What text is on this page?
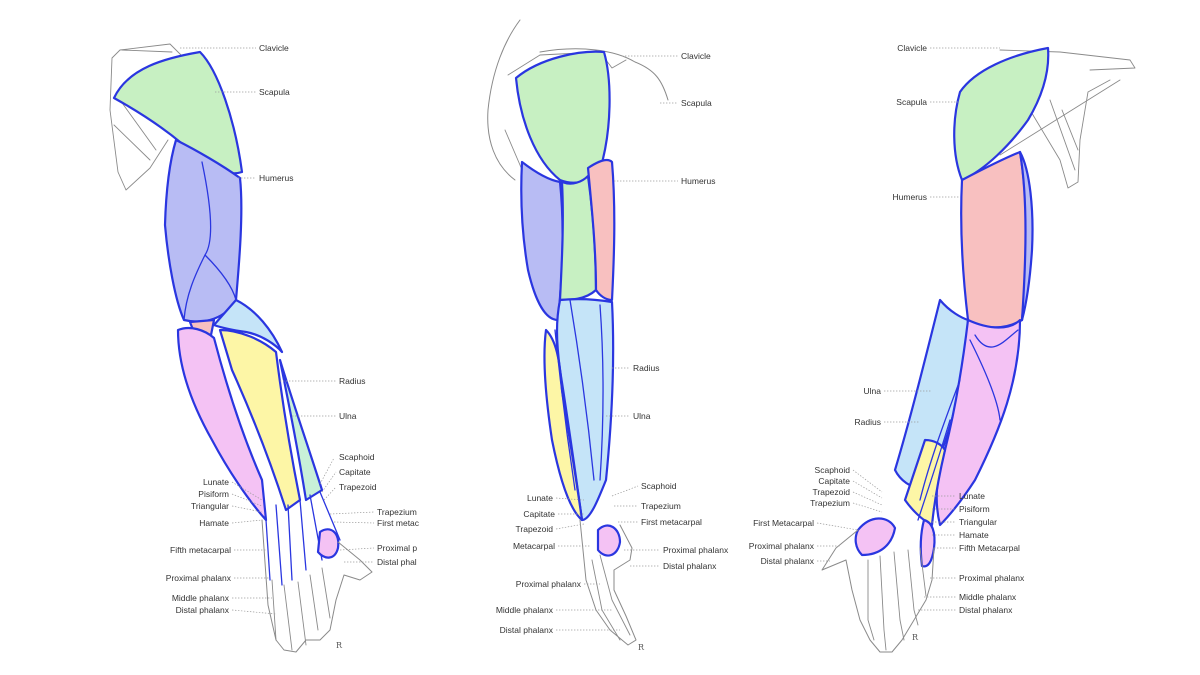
R
Clavicle
Scapula
Humerus
Radius
Ulna
Scaphoid
Capitate
Trapezoid
Trapezium
First metac
Proximal p
Distal phal
Lunate
Pisiform
Triangular
Hamate
Fifth metacarpal
Proximal phalanx
Middle phalanx
Distal phalanx
R
Clavicle
Scapula
Humerus
Radius
Ulna
Scaphoid
Trapezium
First metacarpal
Proximal phalanx
Distal phalanx
Lunate
Capitate
Trapezoid
Metacarpal
Proximal phalanx
Middle phalanx
Distal phalanx
R
Clavicle
Scapula
Humerus
Ulna
Radius
Scaphoid
Capitate
Trapezoid
Trapezium
First Metacarpal
Proximal phalanx
Distal phalanx
Lunate
Pisiform
Triangular
Hamate
Fifth Metacarpal
Proximal phalanx
Middle phalanx
Distal phalanx
